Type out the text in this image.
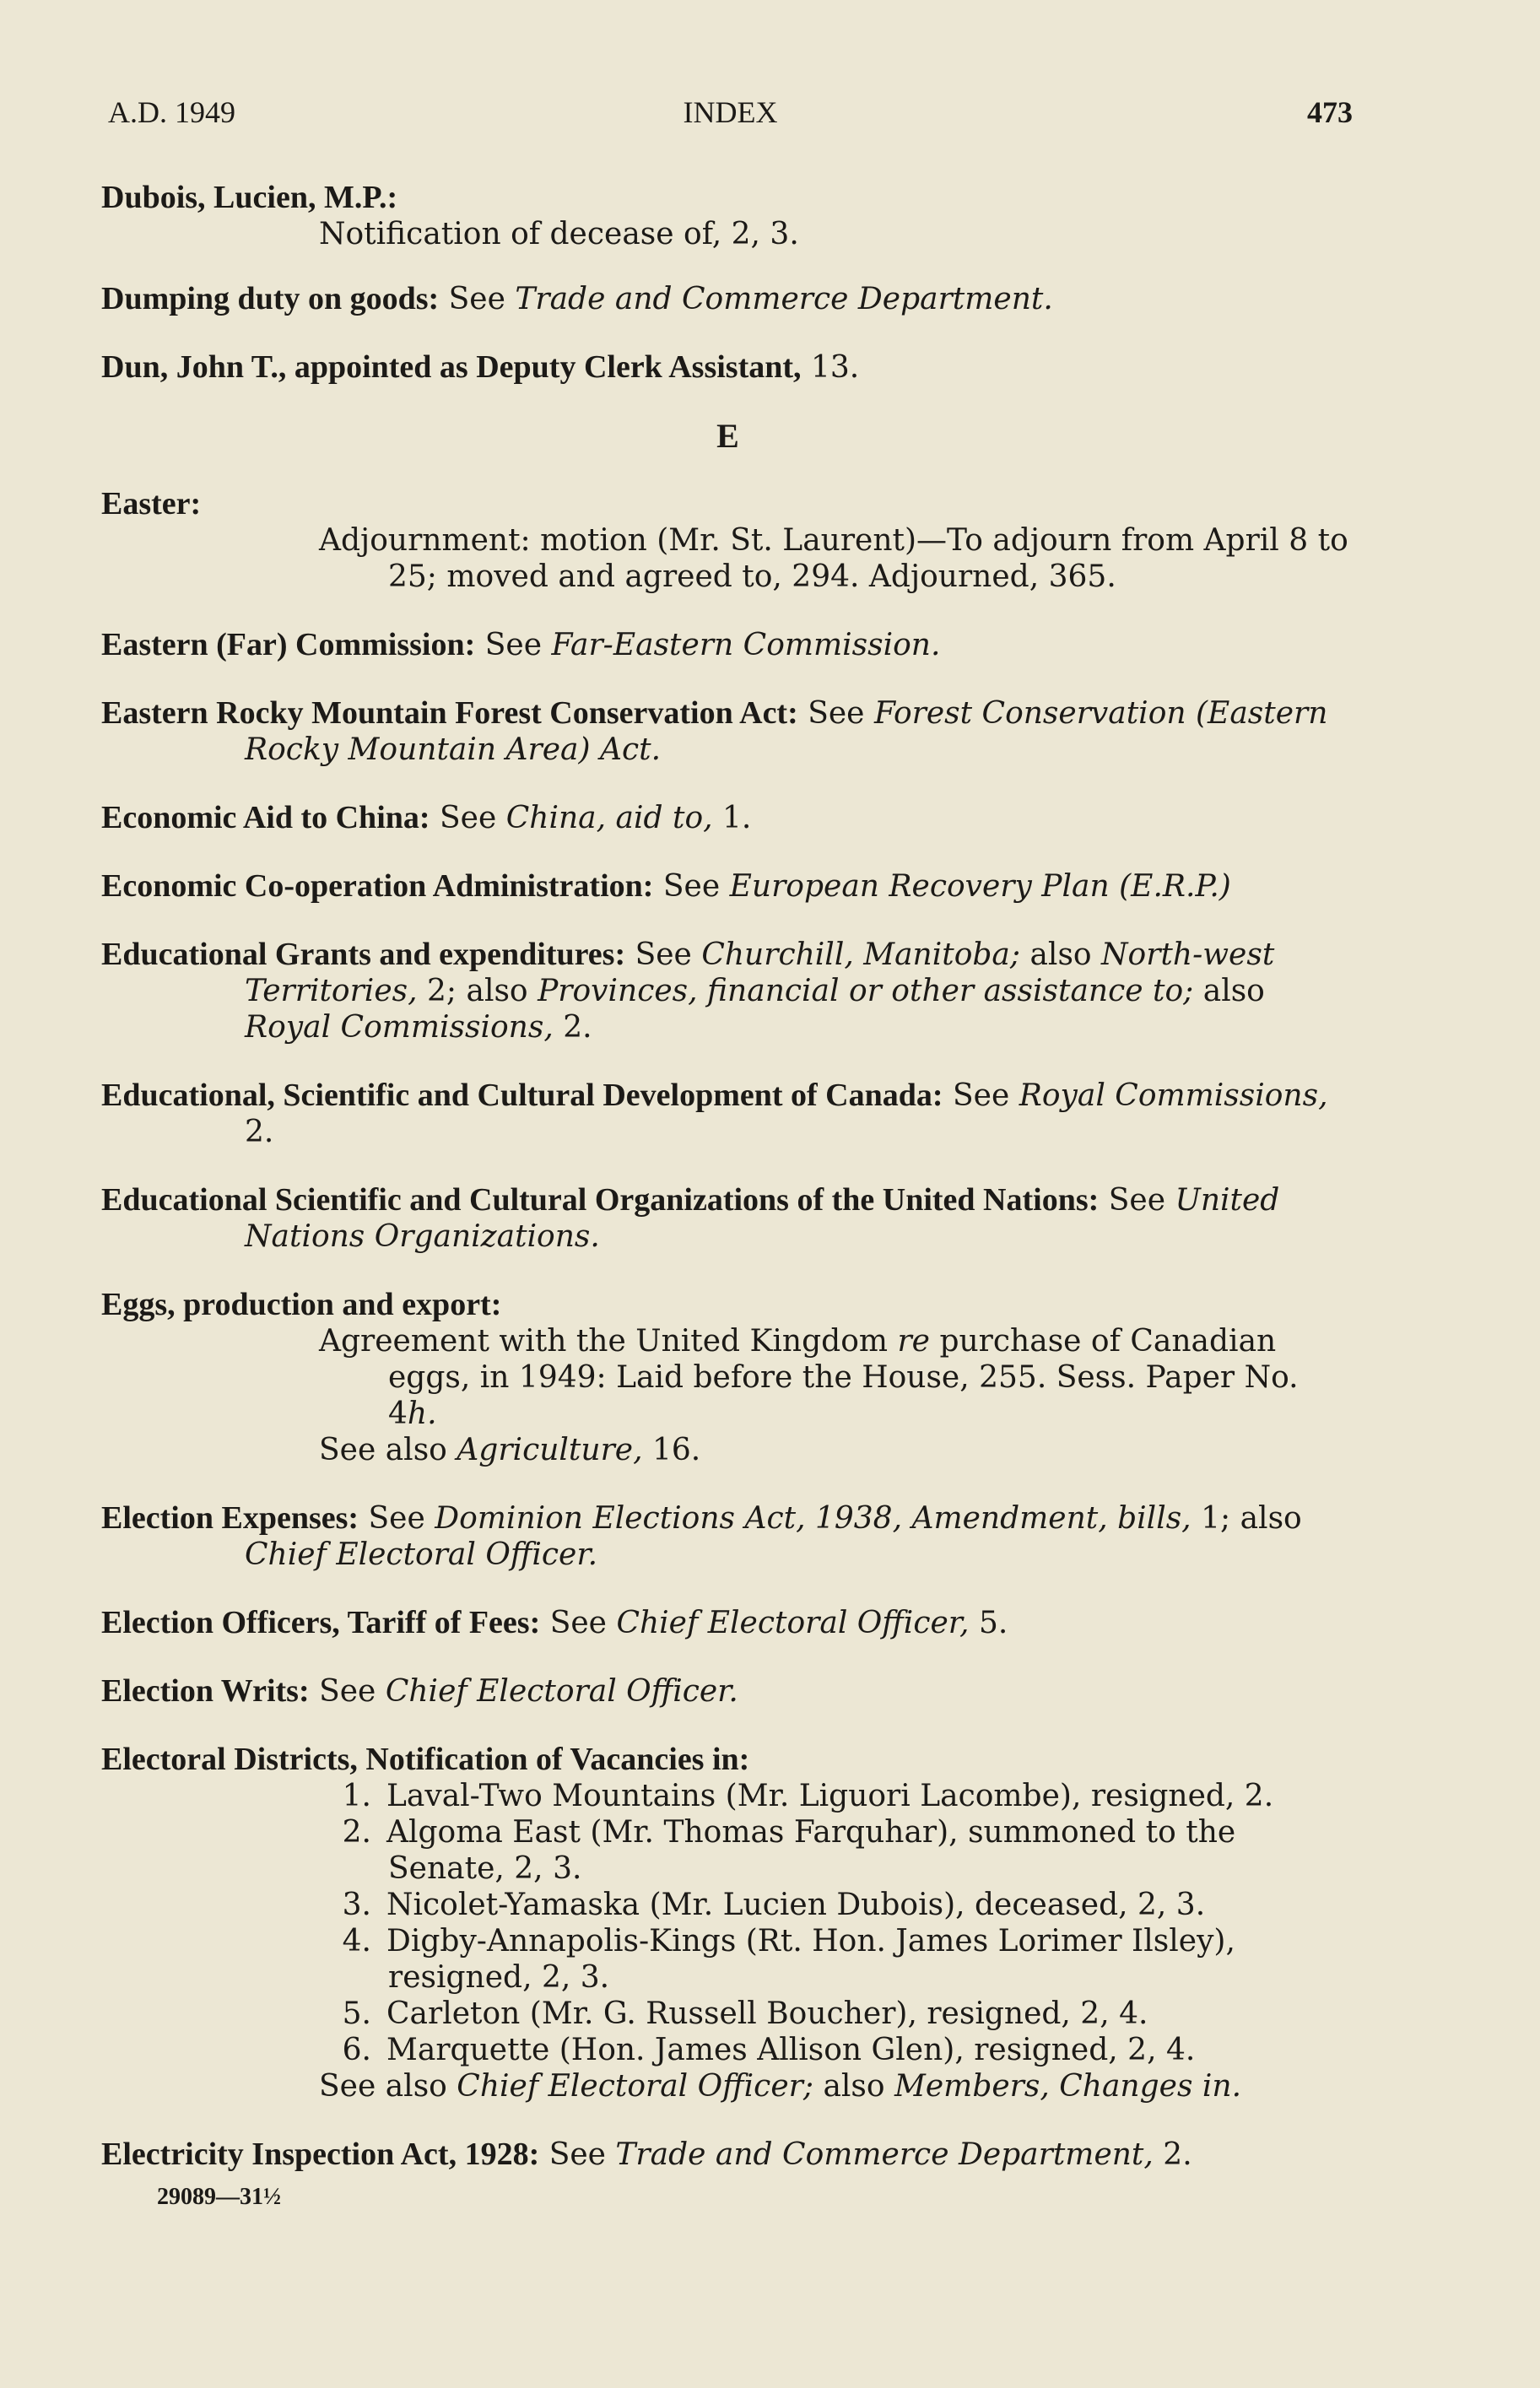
A.D. 1949	INDEX	473
Dubois, Lucien, M.P.:
Notification of decease of, 2, 3.
Dumping duty on goods: See Trade and Commerce Department.
Dun, John T., appointed as Deputy Clerk Assistant, 13.
E
Easter:
Adjournment: motion (Mr. St. Laurent)—To adjourn from April 8 to 25; moved and agreed to, 294. Adjourned, 365.
Eastern (Far) Commission: See Far-Eastern Commission.
Eastern Rocky Mountain Forest Conservation Act: See Forest Conservation (Eastern Rocky Mountain Area) Act.
Economic Aid to China: See China, aid to, 1.
Economic Co-operation Administration: See European Recovery Plan (E.R.P.)
Educational Grants and expenditures: See Churchill, Manitoba; also North-west Territories, 2; also Provinces, financial or other assistance to; also Royal Commissions, 2.
Educational, Scientific and Cultural Development of Canada: See Royal Commissions, 2.
Educational Scientific and Cultural Organizations of the United Nations: See United Nations Organizations.
Eggs, production and export:
Agreement with the United Kingdom re purchase of Canadian eggs, in 1949: Laid before the House, 255. Sess. Paper No. 4h.
See also Agriculture, 16.
Election Expenses: See Dominion Elections Act, 1938, Amendment, bills, 1; also Chief Electoral Officer.
Election Officers, Tariff of Fees: See Chief Electoral Officer, 5.
Election Writs: See Chief Electoral Officer.
Electoral Districts, Notification of Vacancies in:
1. Laval-Two Mountains (Mr. Liguori Lacombe), resigned, 2.
2. Algoma East (Mr. Thomas Farquhar), summoned to the Senate, 2, 3.
3. Nicolet-Yamaska (Mr. Lucien Dubois), deceased, 2, 3.
4. Digby-Annapolis-Kings (Rt. Hon. James Lorimer Ilsley), resigned, 2, 3.
5. Carleton (Mr. G. Russell Boucher), resigned, 2, 4.
6. Marquette (Hon. James Allison Glen), resigned, 2, 4.
See also Chief Electoral Officer; also Members, Changes in.
Electricity Inspection Act, 1928: See Trade and Commerce Department, 2.
29089—31½
